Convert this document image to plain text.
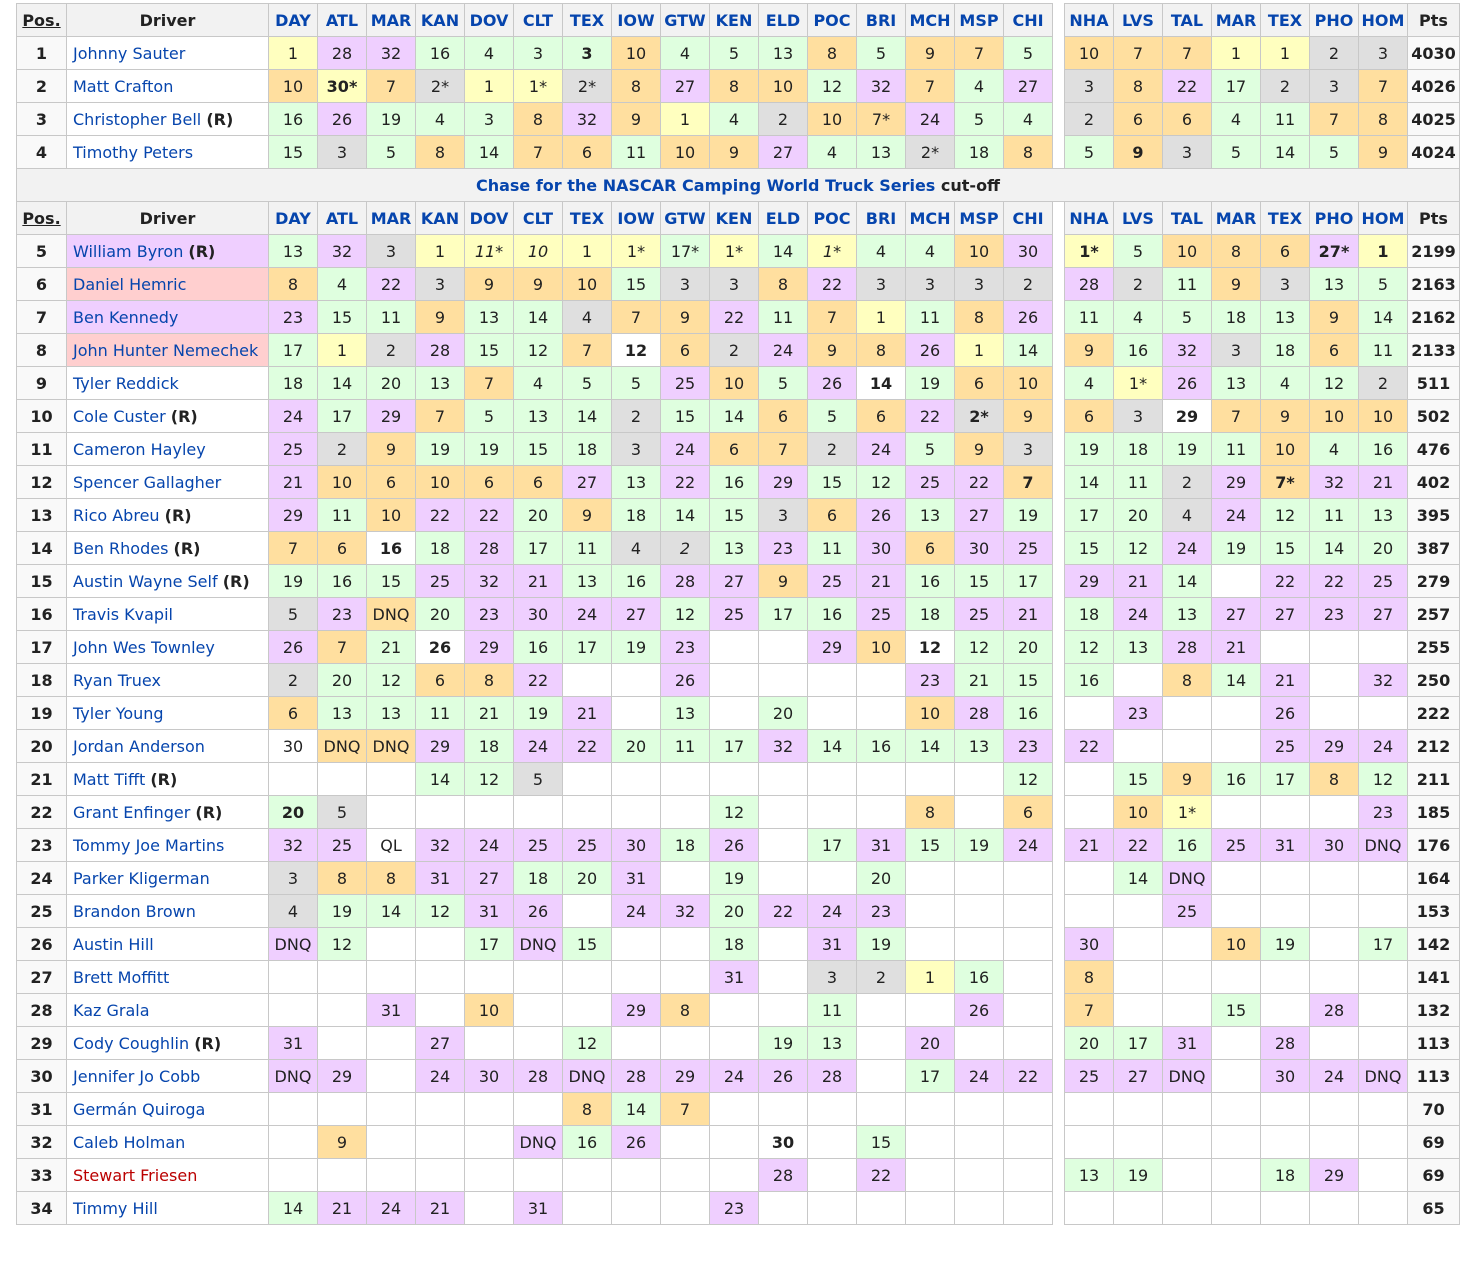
Pos.	Driver	DAY	ATL	MAR	KAN	DOV	CLT	TEX	IOW	GTW	KEN	ELD	POC	BRI	MCH	MSP	CHI		NHA	LVS	TAL	MAR	TEX	PHO	HOM	Pts
1	Johnny Sauter	1	28	32	16	4	3	3	10	4	5	13	8	5	9	7	5		10	7	7	1	1	2	3	4030
2	Matt Crafton	10	30*	7	2*	1	1*	2*	8	27	8	10	12	32	7	4	27		3	8	22	17	2	3	7	4026
3	Christopher Bell (R)	16	26	19	4	3	8	32	9	1	4	2	10	7*	24	5	4		2	6	6	4	11	7	8	4025
4	Timothy Peters	15	3	5	8	14	7	6	11	10	9	27	4	13	2*	18	8		5	9	3	5	14	5	9	4024
Chase for the NASCAR Camping World Truck Series cut-off																										
Pos.	Driver	DAY	ATL	MAR	KAN	DOV	CLT	TEX	IOW	GTW	KEN	ELD	POC	BRI	MCH	MSP	CHI		NHA	LVS	TAL	MAR	TEX	PHO	HOM	Pts
5	William Byron (R)	13	32	3	1	11*	10	1	1*	17*	1*	14	1*	4	4	10	30		1*	5	10	8	6	27*	1	2199
6	Daniel Hemric	8	4	22	3	9	9	10	15	3	3	8	22	3	3	3	2		28	2	11	9	3	13	5	2163
7	Ben Kennedy	23	15	11	9	13	14	4	7	9	22	11	7	1	11	8	26		11	4	5	18	13	9	14	2162
8	John Hunter Nemechek	17	1	2	28	15	12	7	12	6	2	24	9	8	26	1	14		9	16	32	3	18	6	11	2133
9	Tyler Reddick	18	14	20	13	7	4	5	5	25	10	5	26	14	19	6	10		4	1*	26	13	4	12	2	511
10	Cole Custer (R)	24	17	29	7	5	13	14	2	15	14	6	5	6	22	2*	9		6	3	29	7	9	10	10	502
11	Cameron Hayley	25	2	9	19	19	15	18	3	24	6	7	2	24	5	9	3		19	18	19	11	10	4	16	476
12	Spencer Gallagher	21	10	6	10	6	6	27	13	22	16	29	15	12	25	22	7		14	11	2	29	7*	32	21	402
13	Rico Abreu (R)	29	11	10	22	22	20	9	18	14	15	3	6	26	13	27	19		17	20	4	24	12	11	13	395
14	Ben Rhodes (R)	7	6	16	18	28	17	11	4	2	13	23	11	30	6	30	25		15	12	24	19	15	14	20	387
15	Austin Wayne Self (R)	19	16	15	25	32	21	13	16	28	27	9	25	21	16	15	17		29	21	14		22	22	25	279
16	Travis Kvapil	5	23	DNQ	20	23	30	24	27	12	25	17	16	25	18	25	21		18	24	13	27	27	23	27	257
17	John Wes Townley	26	7	21	26	29	16	17	19	23			29	10	12	12	20		12	13	28	21				255
18	Ryan Truex	2	20	12	6	8	22			26					23	21	15		16		8	14	21		32	250
19	Tyler Young	6	13	13	11	21	19	21		13		20			10	28	16			23			26			222
20	Jordan Anderson	30	DNQ	DNQ	29	18	24	22	20	11	17	32	14	16	14	13	23		22				25	29	24	212
21	Matt Tifft (R)				14	12	5										12			15	9	16	17	8	12	211
22	Grant Enfinger (R)	20	5								12				8		6			10	1*				23	185
23	Tommy Joe Martins	32	25	QL	32	24	25	25	30	18	26		17	31	15	19	24		21	22	16	25	31	30	DNQ	176
24	Parker Kligerman	3	8	8	31	27	18	20	31		19			20						14	DNQ					164
25	Brandon Brown	4	19	14	12	31	26		24	32	20	22	24	23							25					153
26	Austin Hill	DNQ	12			17	DNQ	15			18		31	19					30			10	19		17	142
27	Brett Moffitt										31		3	2	1	16			8							141
28	Kaz Grala			31		10			29	8			11			26			7			15		28		132
29	Cody Coughlin (R)	31			27			12				19	13		20				20	17	31		28			113
30	Jennifer Jo Cobb	DNQ	29		24	30	28	DNQ	28	29	24	26	28		17	24	22		25	27	DNQ		30	24	DNQ	113
31	Germán Quiroga							8	14	7																70
32	Caleb Holman		9				DNQ	16	26			30		15												69
33	Stewart Friesen											28		22					13	19			18	29		69
34	Timmy Hill	14	21	24	21		31				23															65
